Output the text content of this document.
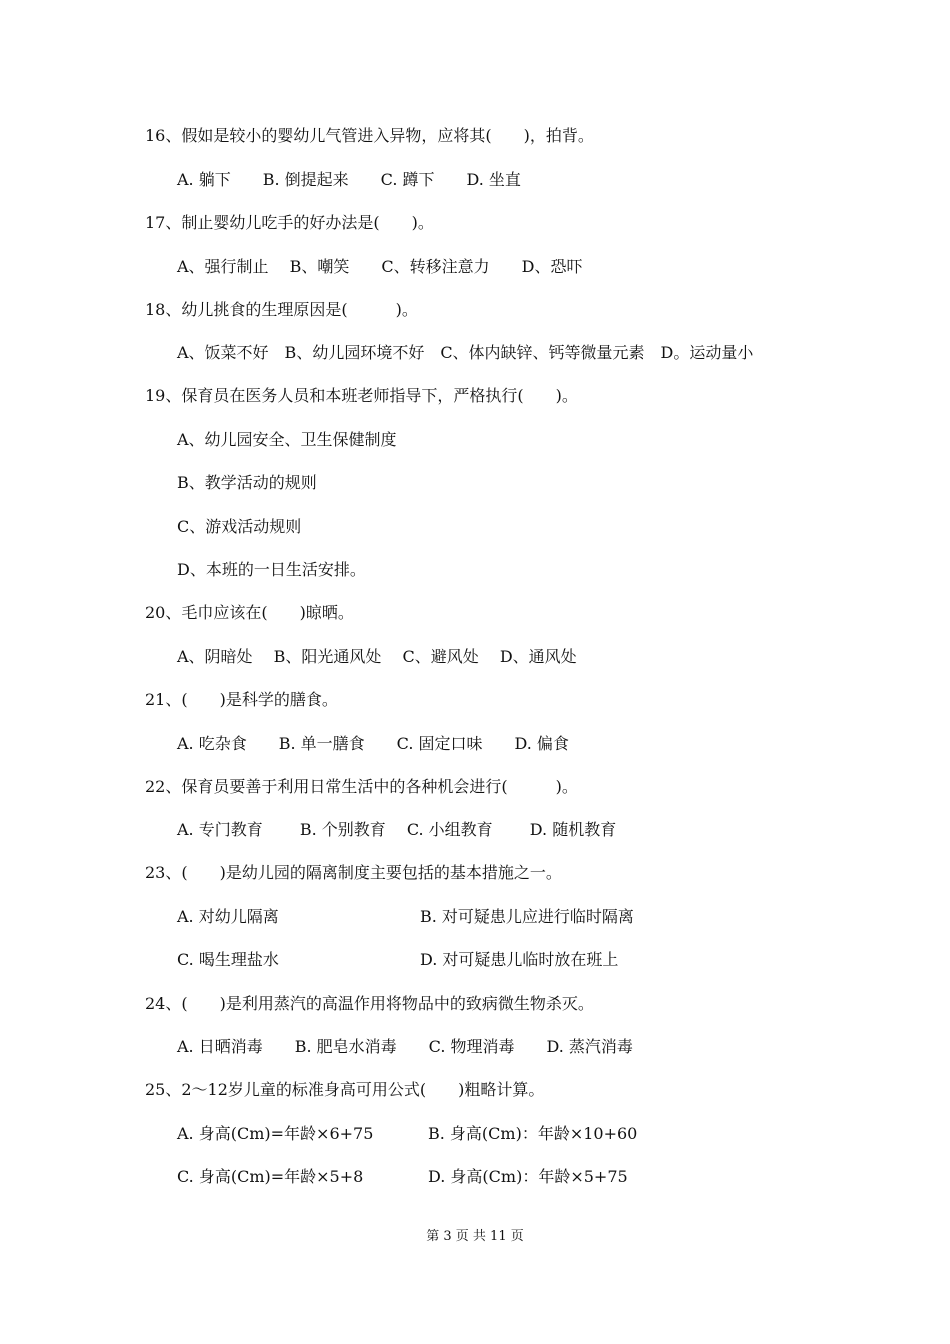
16、假如是较小的婴幼儿气管进入异物，应将其(　　)，拍背。
A. 躺下　　B. 倒提起来　　C. 蹲下　　D. 坐直
17、制止婴幼儿吃手的好办法是(　　)。
A、强行制止　 B、嘲笑　　C、转移注意力　　D、恐吓
18、幼儿挑食的生理原因是(　　　)。
A、饭菜不好　B、幼儿园环境不好　C、体内缺锌、钙等微量元素　D。运动量小
19、保育员在医务人员和本班老师指导下，严格执行(　　)。
A、幼儿园安全、卫生保健制度
B、教学活动的规则
C、游戏活动规则
D、本班的一日生活安排。
20、毛巾应该在(　　)晾晒。
A、阴暗处　 B、阳光通风处　 C、避风处　 D、通风处
21、(　　)是科学的膳食。
A. 吃杂食　　B. 单一膳食　　C. 固定口味　　D. 偏食
22、保育员要善于利用日常生活中的各种机会进行(　　　)。
A. 专门教育　　 B. 个别教育　 C. 小组教育　　 D. 随机教育
23、(　　)是幼儿园的隔离制度主要包括的基本措施之一。
A. 对幼儿隔离	B. 对可疑患儿应进行临时隔离
C. 喝生理盐水	D. 对可疑患儿临时放在班上
24、(　　)是利用蒸汽的高温作用将物品中的致病微生物杀灭。
A. 日晒消毒　　B. 肥皂水消毒　　C. 物理消毒　　D. 蒸汽消毒
25、2～12岁儿童的标准身高可用公式(　　)粗略计算。
A. 身高(Cm)=年龄×6+75	B. 身高(Cm)：年龄×10+60
C. 身高(Cm)=年龄×5+8	D. 身高(Cm)：年龄×5+75
第 3 页 共 11 页
